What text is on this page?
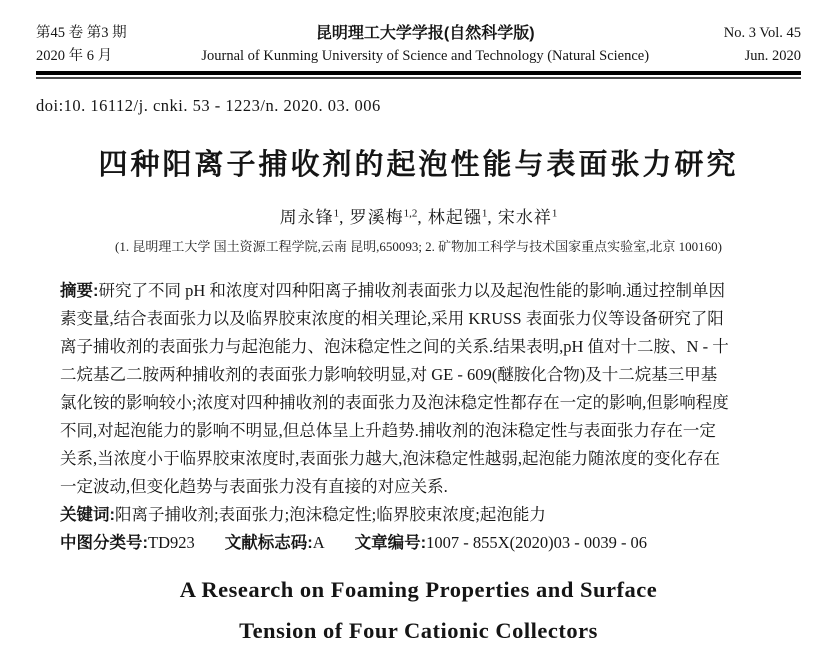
第45 卷 第3 期
2020 年 6 月
昆明理工大学学报(自然科学版)
Journal of Kunming University of Science and Technology (Natural Science)
No. 3 Vol. 45
Jun. 2020
doi:10. 16112/j. cnki. 53 - 1223/n. 2020. 03. 006
四种阳离子捕收剂的起泡性能与表面张力研究
周永锋$^1$, 罗溪梅$^{1,2}$, 林起镪$^1$, 宋水祥$^1$
(1. 昆明理工大学 国土资源工程学院,云南 昆明,650093; 2. 矿物加工科学与技术国家重点实验室,北京 100160)
摘要:研究了不同 pH 和浓度对四种阳离子捕收剂表面张力以及起泡性能的影响.通过控制单因
素变量,结合表面张力以及临界胶束浓度的相关理论,采用 KRUSS 表面张力仪等设备研究了阳
离子捕收剂的表面张力与起泡能力、泡沫稳定性之间的关系.结果表明,pH 值对十二胺、N - 十
二烷基乙二胺两种捕收剂的表面张力影响较明显,对 GE - 609(醚胺化合物)及十二烷基三甲基
氯化铵的影响较小;浓度对四种捕收剂的表面张力及泡沫稳定性都存在一定的影响,但影响程度
不同,对起泡能力的影响不明显,但总体呈上升趋势.捕收剂的泡沫稳定性与表面张力存在一定
关系,当浓度小于临界胶束浓度时,表面张力越大,泡沫稳定性越弱,起泡能力随浓度的变化存在
一定波动,但变化趋势与表面张力没有直接的对应关系.
关键词:阳离子捕收剂;表面张力;泡沫稳定性;临界胶束浓度;起泡能力
中图分类号:TD923 文献标志码:A 文章编号:1007 - 855X(2020)03 - 0039 - 06
A Research on Foaming Properties and Surface
Tension of Four Cationic Collectors
